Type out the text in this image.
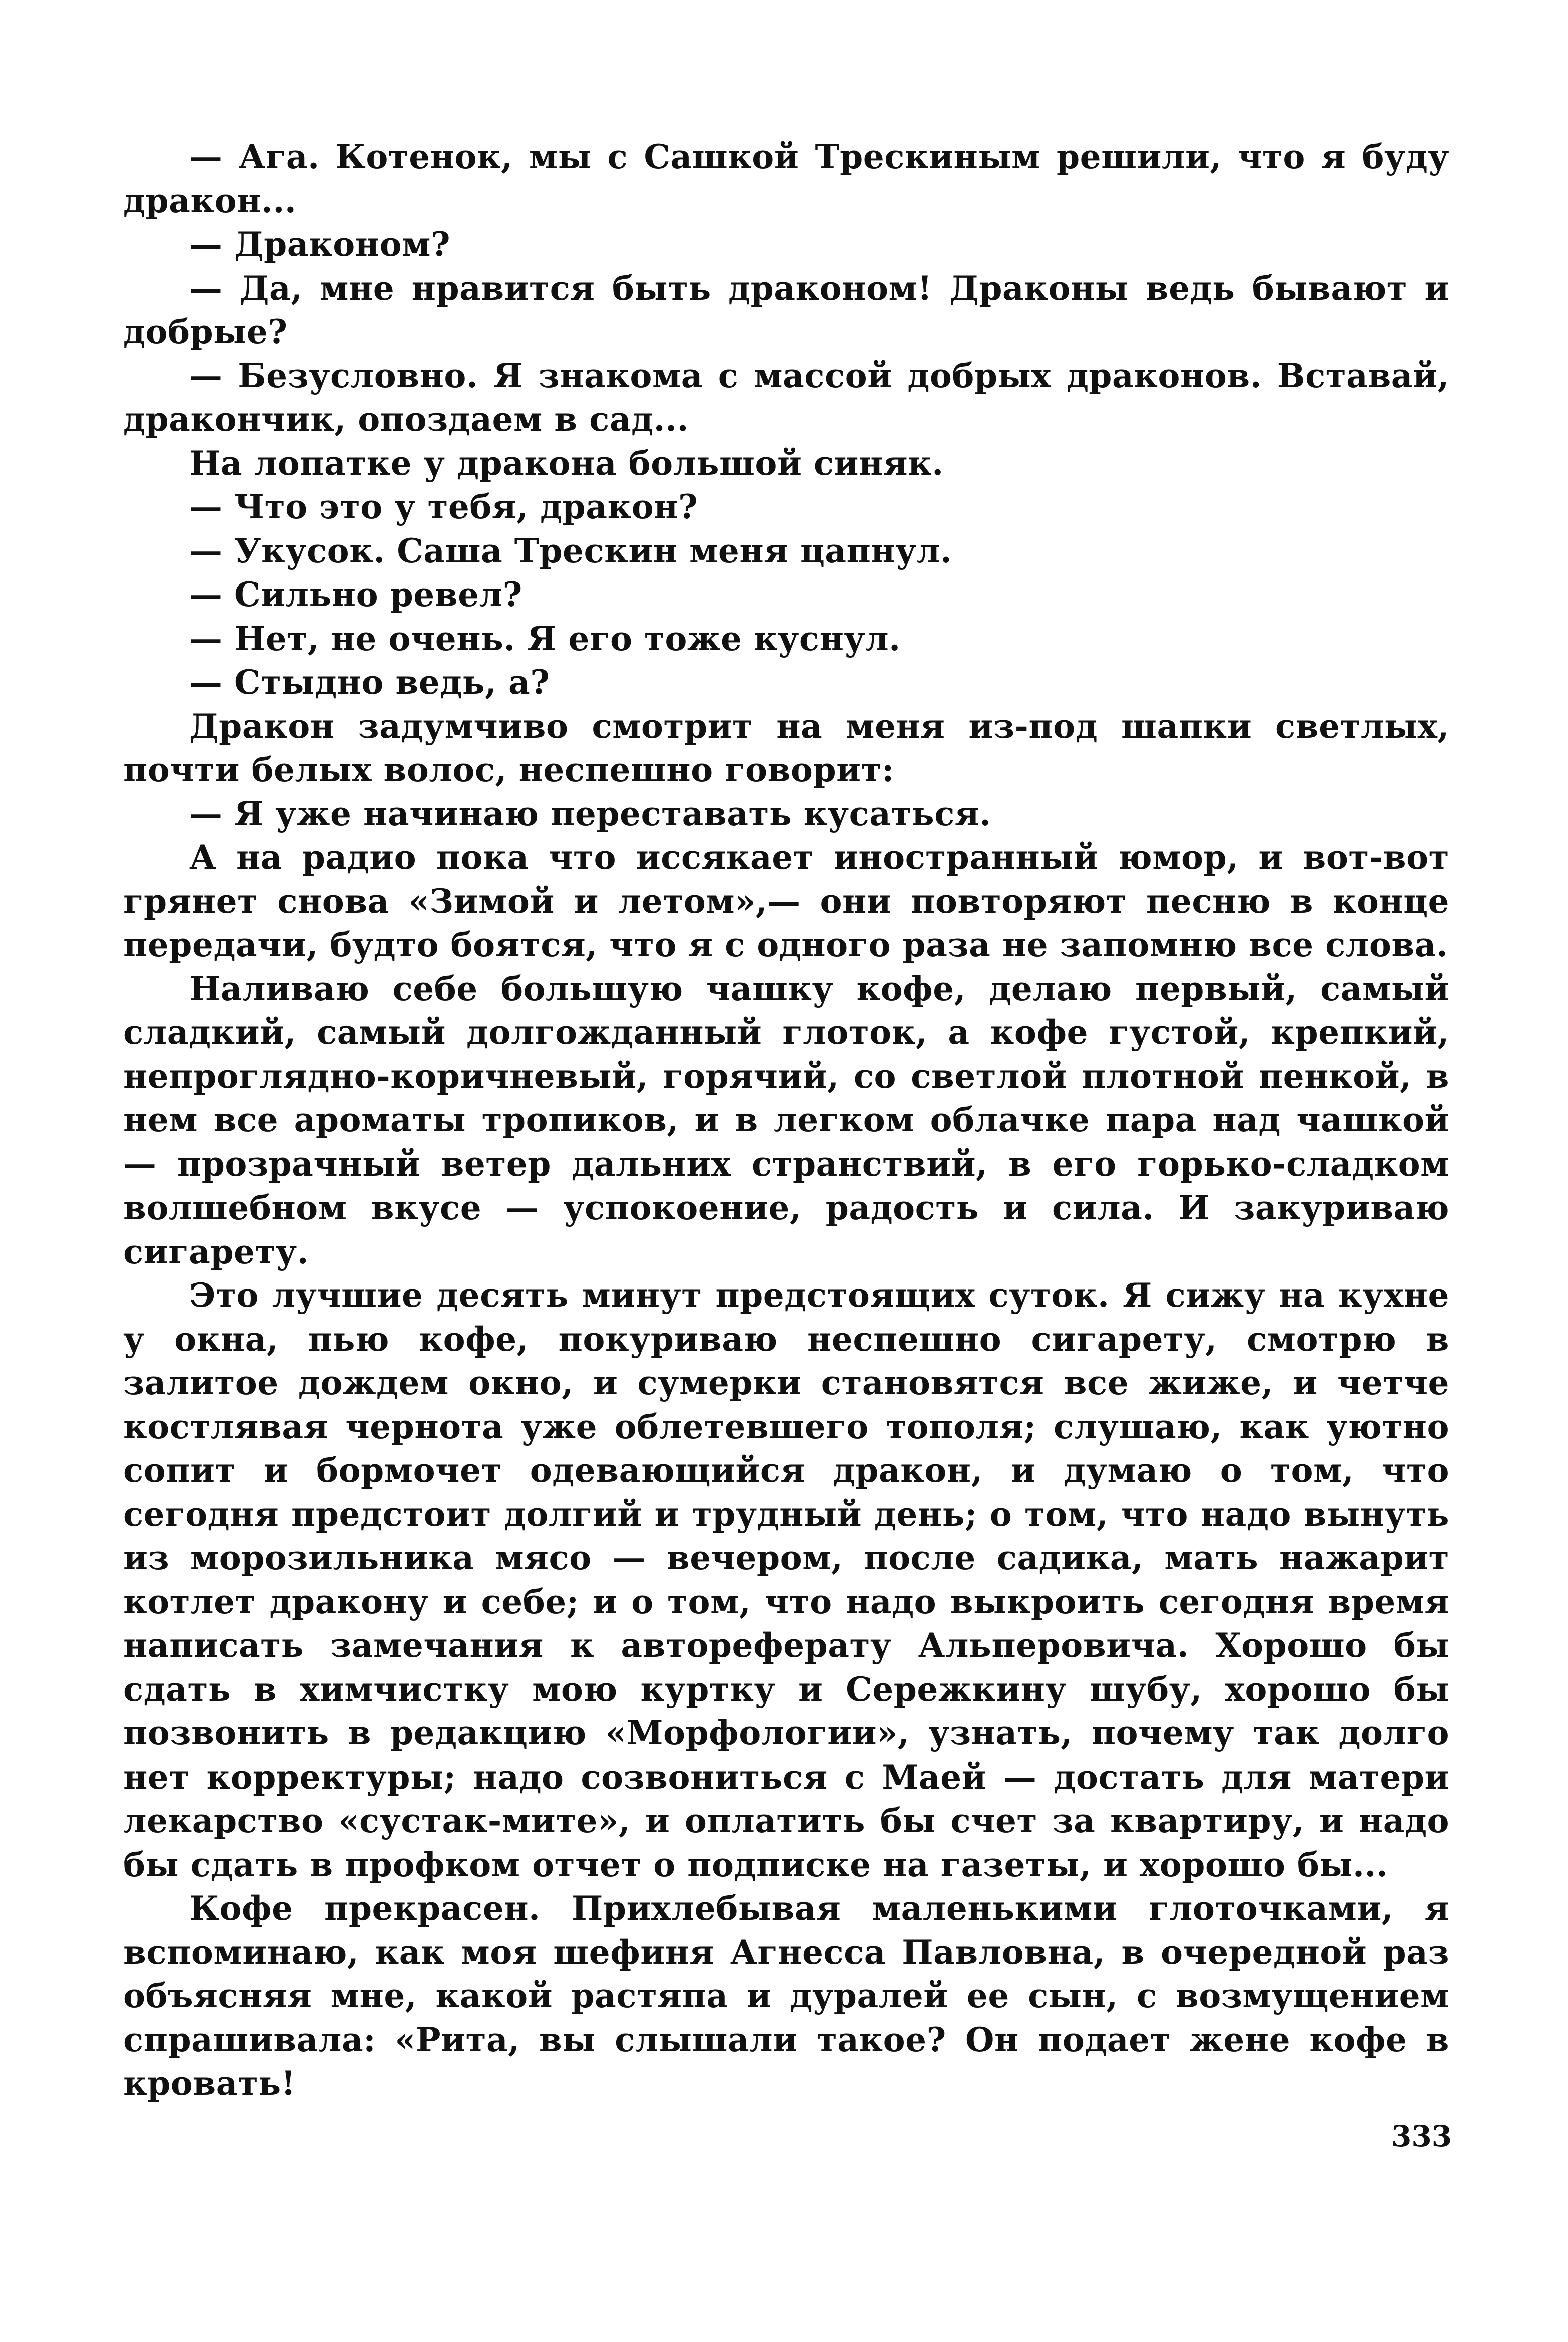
— Ага. Котенок, мы с Сашкой Трескиным решили, что я буду дракон...

— Драконом?

— Да, мне нравится быть драконом! Драконы ведь бывают и добрые?

— Безусловно. Я знакома с массой добрых драконов. Вставай, дракончик, опоздаем в сад...

На лопатке у дракона большой синяк.

— Что это у тебя, дракон?

— Укусок. Саша Трескин меня цапнул.

— Сильно ревел?

— Нет, не очень. Я его тоже куснул.

— Стыдно ведь, а?

Дракон задумчиво смотрит на меня из-под шапки светлых, почти белых волос, неспешно говорит:

— Я уже начинаю переставать кусаться.

А на радио пока что иссякает иностранный юмор, и вот-вот грянет снова «Зимой и летом»,— они повторяют песню в конце передачи, будто боятся, что я с одного раза не запомню все слова.

Наливаю себе большую чашку кофе, делаю первый, самый сладкий, самый долгожданный глоток, а кофе густой, крепкий, непроглядно-коричневый, горячий, со светлой плотной пенкой, в нем все ароматы тропиков, и в легком облачке пара над чашкой — прозрачный ветер дальних странствий, в его горько-сладком волшебном вкусе — успокоение, радость и сила. И закуриваю сигарету.

Это лучшие десять минут предстоящих суток. Я сижу на кухне у окна, пью кофе, покуриваю неспешно сигарету, смотрю в залитое дождем окно, и сумерки становятся все жиже, и четче костлявая чернота уже облетевшего тополя; слушаю, как уютно сопит и бормочет одевающийся дракон, и думаю о том, что сегодня предстоит долгий и трудный день; о том, что надо вынуть из морозильника мясо — вечером, после садика, мать нажарит котлет дракону и себе; и о том, что надо выкроить сегодня время написать замечания к автореферату Альперовича. Хорошо бы сдать в химчистку мою куртку и Сережкину шубу, хорошо бы позвонить в редакцию «Морфологии», узнать, почему так долго нет корректуры; надо созвониться с Маей — достать для матери лекарство «сустак-мите», и оплатить бы счет за квартиру, и надо бы сдать в профком отчет о подписке на газеты, и хорошо бы...

Кофе прекрасен. Прихлебывая маленькими глоточками, я вспоминаю, как моя шефиня Агнесса Павловна, в очередной раз объясняя мне, какой растяпа и дуралей ее сын, с возмущением спрашивала: «Рита, вы слышали такое? Он подает жене кофе в кровать!

333
